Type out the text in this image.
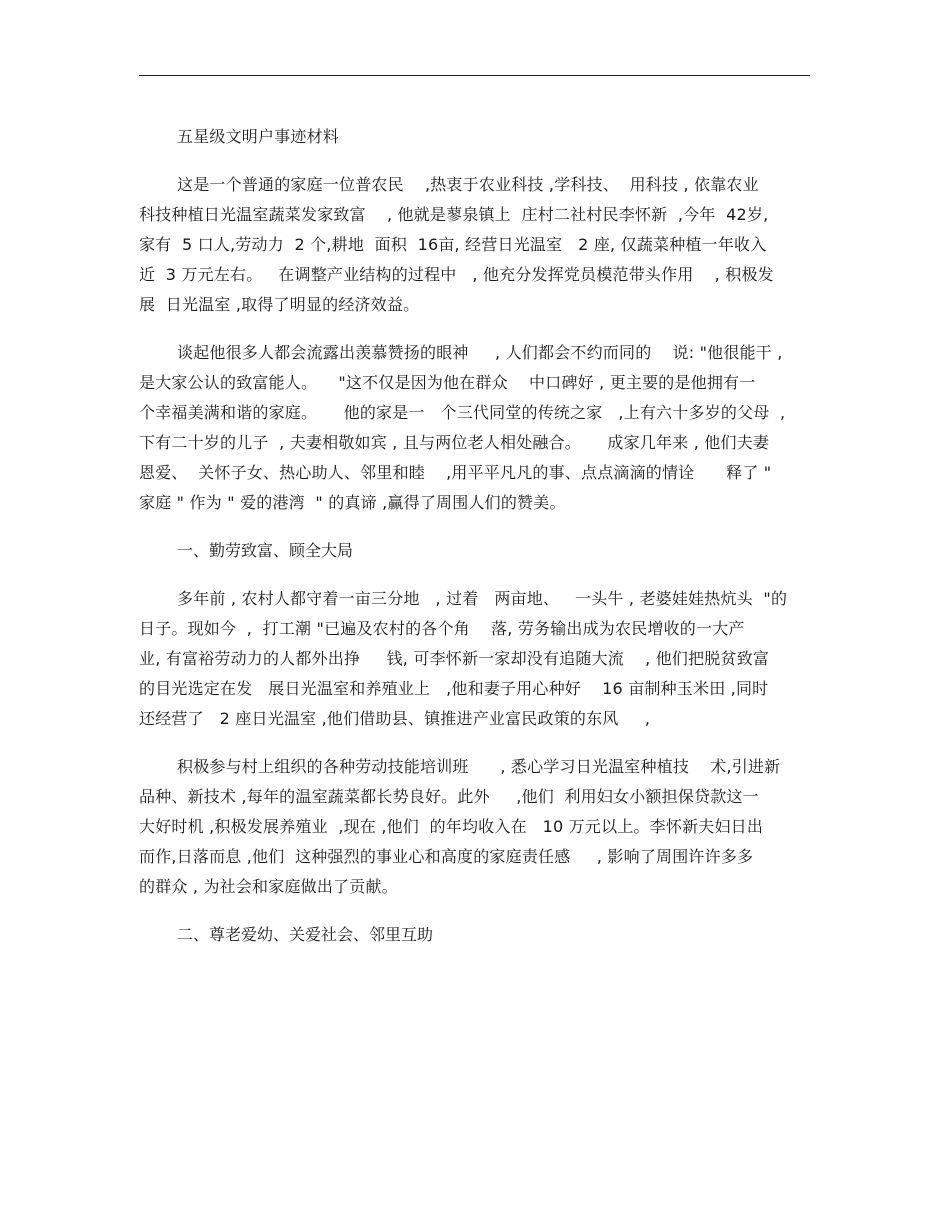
五星级文明户事迹材料
这是一个普通的家庭一位普农民    ,热衷于农业科技 ,学科技、  用科技 , 依靠农业
科技种植日光温室蔬菜发家致富    , 他就是蓼泉镇上  庄村二社村民李怀新  ,今年  42岁,
家有  5 口人,劳动力  2 个,耕地  面积  16亩, 经营日光温室   2 座, 仅蔬菜种植一年收入
近  3 万元左右。   在调整产业结构的过程中   , 他充分发挥党员模范带头作用    , 积极发
展  日光温室 ,取得了明显的经济效益。
谈起他很多人都会流露出羡慕赞扬的眼神     , 人们都会不约而同的    说: "他很能干 ,
是大家公认的致富能人。    "这不仅是因为他在群众    中口碑好 , 更主要的是他拥有一
个幸福美满和谐的家庭。     他的家是一   个三代同堂的传统之家   ,上有六十多岁的父母  ,
下有二十岁的儿子  , 夫妻相敬如宾 , 且与两位老人相处融合。     成家几年来 , 他们夫妻
恩爱、  关怀子女、热心助人、邻里和睦    ,用平平凡凡的事、点点滴滴的情诠      释了 "
家庭 " 作为 " 爱的港湾  " 的真谛 ,赢得了周围人们的赞美。
一、勤劳致富、顾全大局
多年前 , 农村人都守着一亩三分地   , 过着   两亩地、   一头牛 , 老婆娃娃热炕头  "的
日子。现如今  ,  打工潮 "已遍及农村的各个角    落, 劳务输出成为农民增收的一大产
业, 有富裕劳动力的人都外出挣     钱, 可李怀新一家却没有追随大流    , 他们把脱贫致富
的目光选定在发   展日光温室和养殖业上   ,他和妻子用心种好    16 亩制种玉米田 ,同时
还经营了   2 座日光温室 ,他们借助县、镇推进产业富民政策的东风     ,
积极参与村上组织的各种劳动技能培训班      , 悉心学习日光温室种植技    术,引进新
品种、新技术 ,每年的温室蔬菜都长势良好。此外     ,他们  利用妇女小额担保贷款这一
大好时机 ,积极发展养殖业  ,现在 ,他们  的年均收入在   10 万元以上。李怀新夫妇日出
而作,日落而息 ,他们  这种强烈的事业心和高度的家庭责任感     , 影响了周围许许多多
的群众 , 为社会和家庭做出了贡献。
二、尊老爱幼、关爱社会、邻里互助
